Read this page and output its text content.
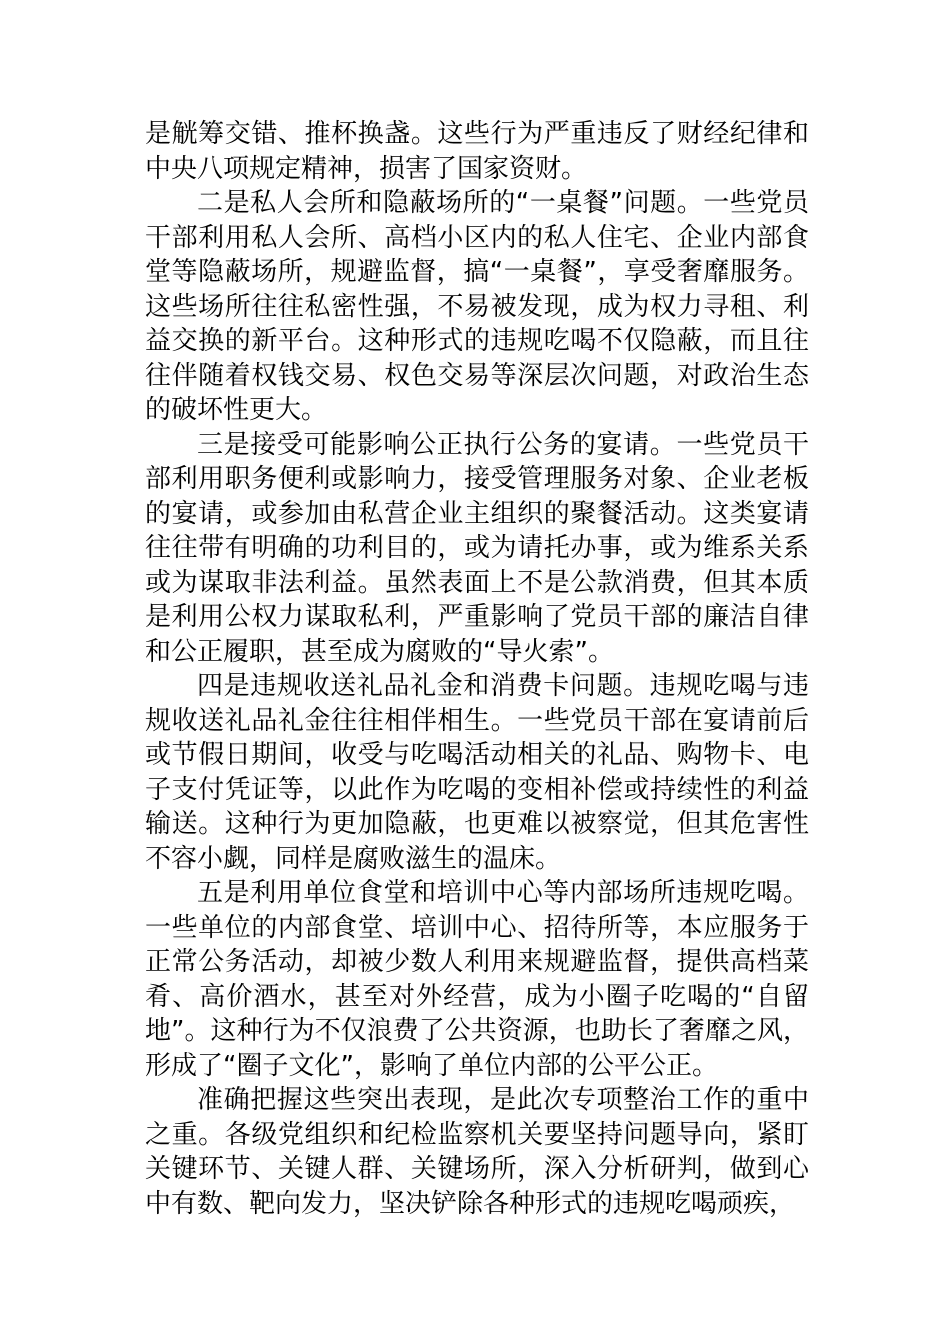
是觥筹交错、推杯换盏。这些行为严重违反了财经纪律和中央八项规定精神，损害了国家资财。

二是私人会所和隐蔽场所的“一桌餐”问题。一些党员干部利用私人会所、高档小区内的私人住宅、企业内部食堂等隐蔽场所，规避监督，搞“一桌餐”，享受奢靡服务。这些场所往往私密性强，不易被发现，成为权力寻租、利益交换的新平台。这种形式的违规吃喝不仅隐蔽，而且往往伴随着权钱交易、权色交易等深层次问题，对政治生态的破坏性更大。

三是接受可能影响公正执行公务的宴请。一些党员干部利用职务便利或影响力，接受管理服务对象、企业老板的宴请，或参加由私营企业主组织的聚餐活动。这类宴请往往带有明确的功利目的，或为请托办事，或为维系关系或为谋取非法利益。虽然表面上不是公款消费，但其本质是利用公权力谋取私利，严重影响了党员干部的廉洁自律和公正履职，甚至成为腐败的“导火索”。

四是违规收送礼品礼金和消费卡问题。违规吃喝与违规收送礼品礼金往往相伴相生。一些党员干部在宴请前后或节假日期间，收受与吃喝活动相关的礼品、购物卡、电子支付凭证等，以此作为吃喝的变相补偿或持续性的利益输送。这种行为更加隐蔽，也更难以被察觉，但其危害性不容小觑，同样是腐败滋生的温床。

五是利用单位食堂和培训中心等内部场所违规吃喝。一些单位的内部食堂、培训中心、招待所等，本应服务于正常公务活动，却被少数人利用来规避监督，提供高档菜肴、高价酒水，甚至对外经营，成为小圈子吃喝的“自留地”。这种行为不仅浪费了公共资源，也助长了奢靡之风，形成了“圈子文化”，影响了单位内部的公平公正。

准确把握这些突出表现，是此次专项整治工作的重中之重。各级党组织和纪检监察机关要坚持问题导向，紧盯关键环节、关键人群、关键场所，深入分析研判，做到心中有数、靶向发力，坚决铲除各种形式的违规吃喝顽疾，
